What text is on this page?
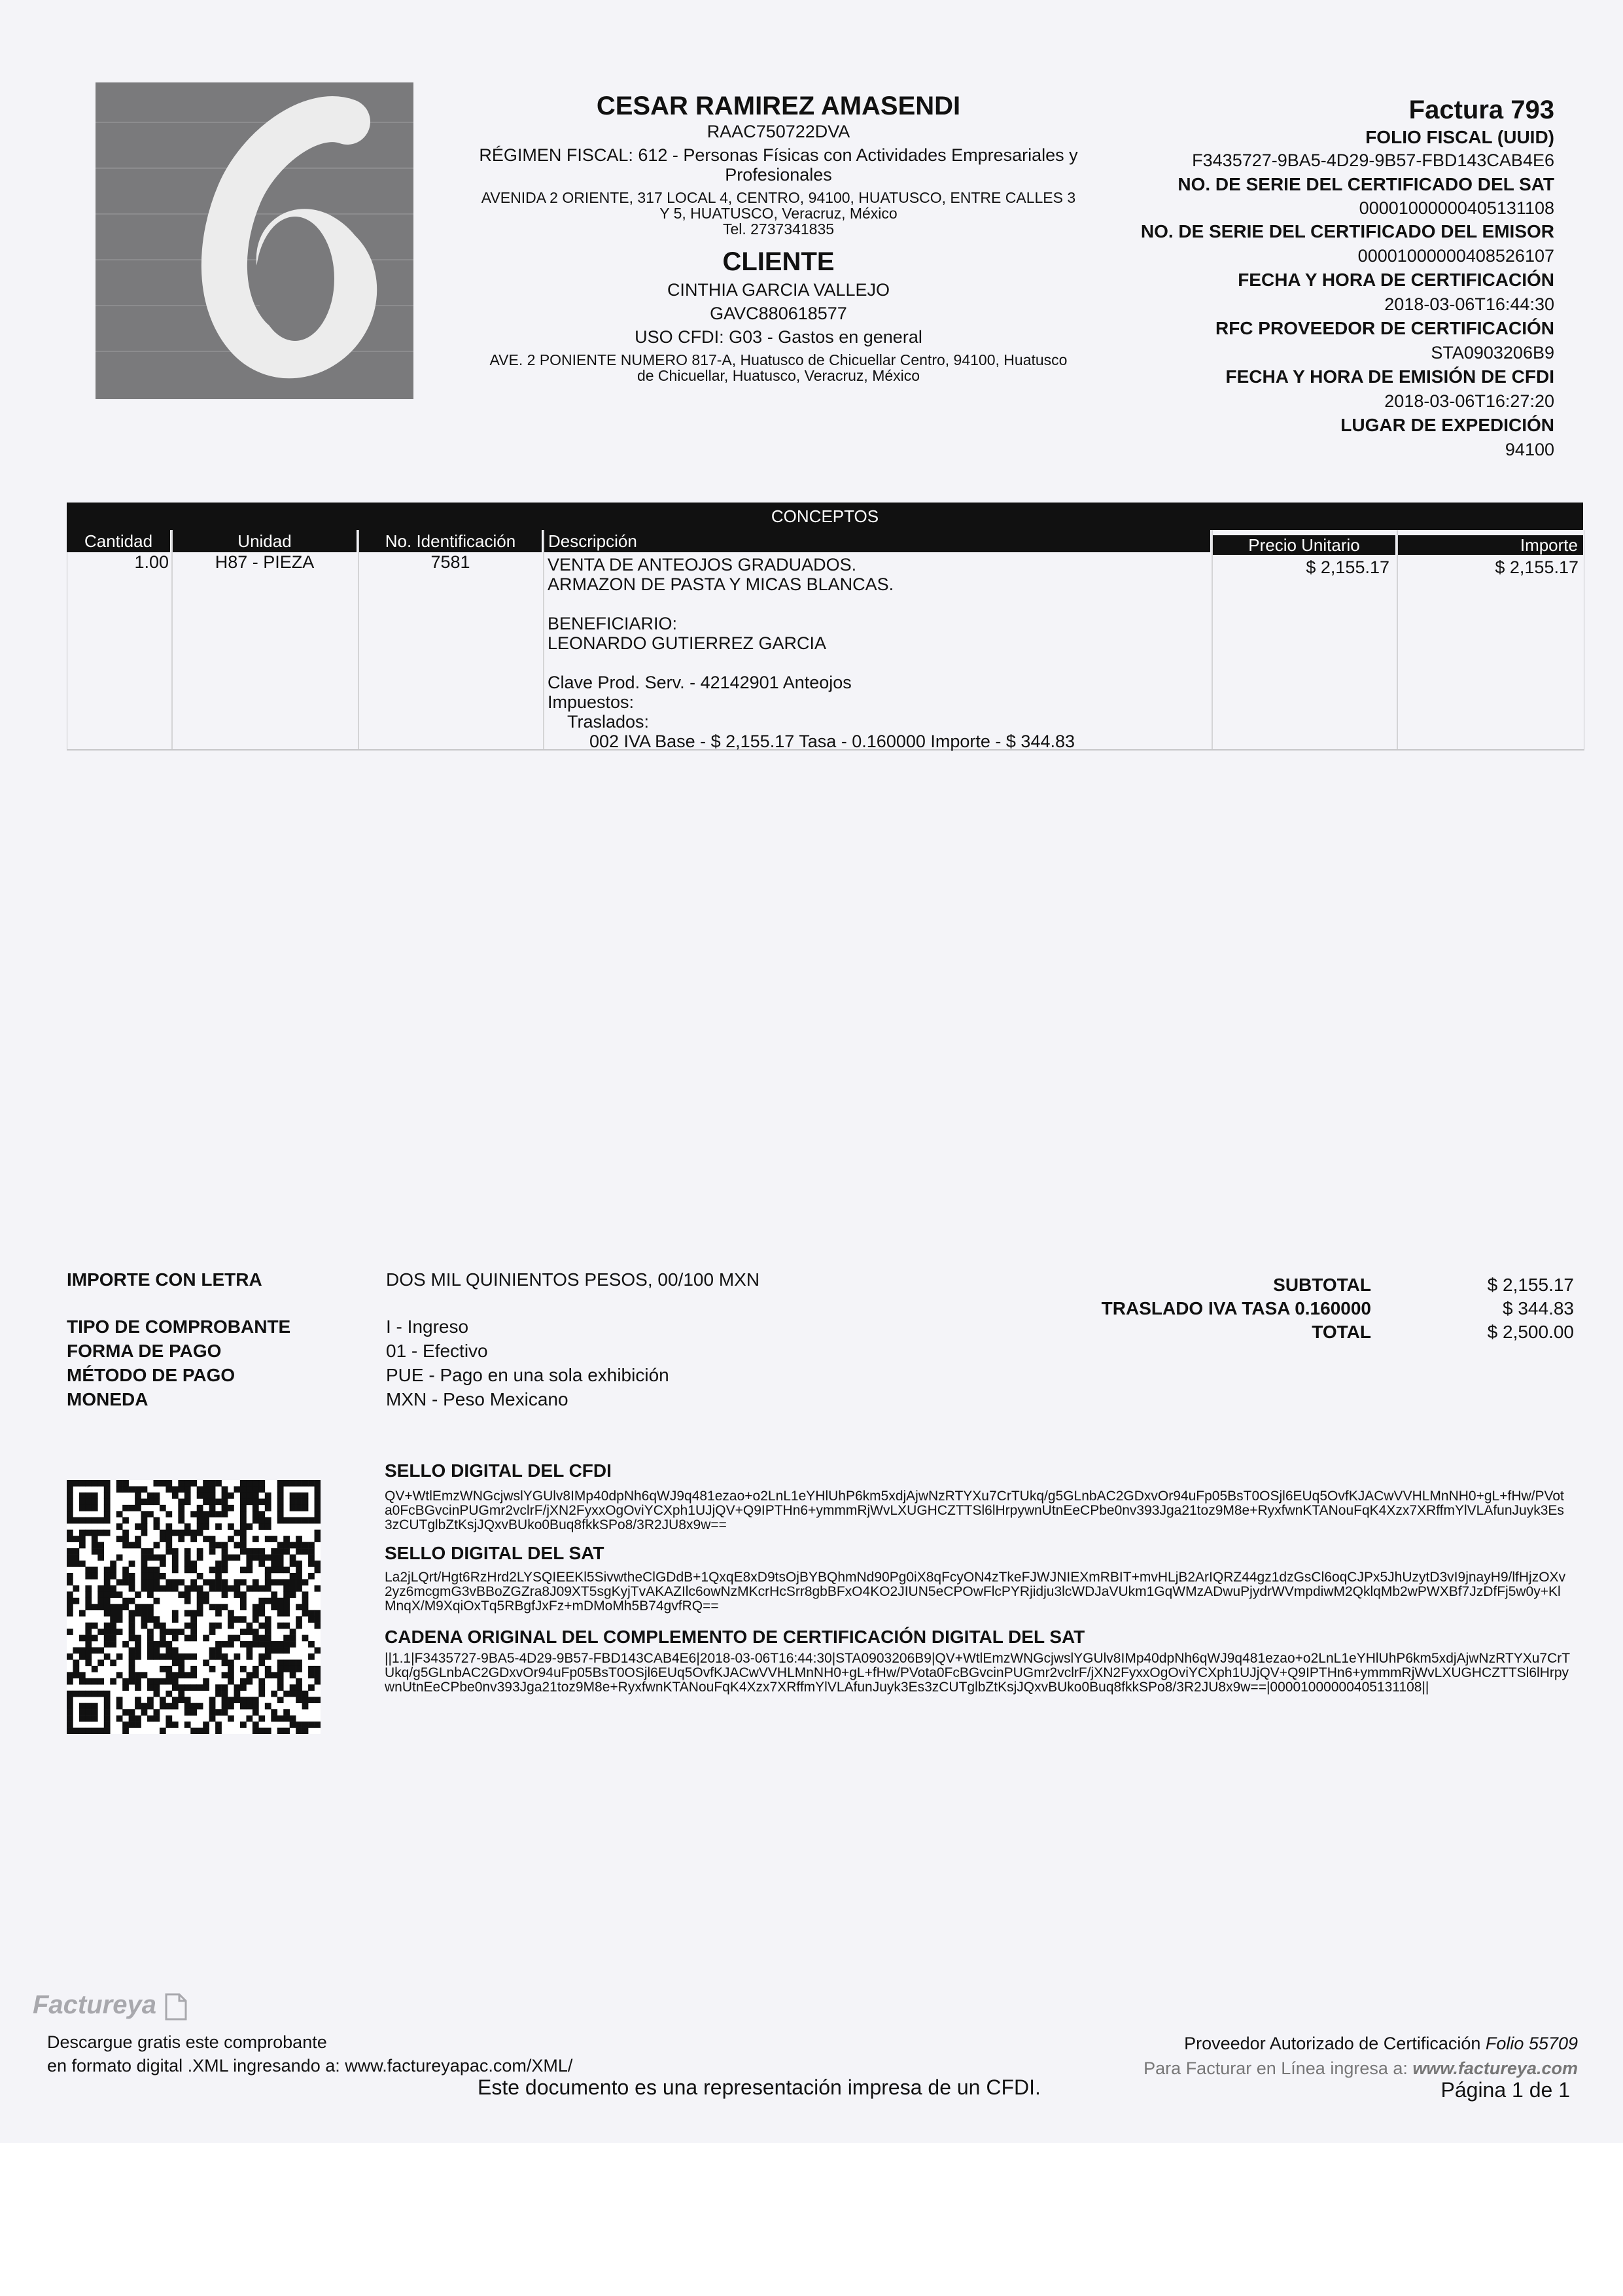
CESAR RAMIREZ AMASENDI
RAAC750722DVA
RÉGIMEN FISCAL: 612 - Personas Físicas con Actividades Empresariales y
Profesionales
AVENIDA 2 ORIENTE, 317 LOCAL 4, CENTRO, 94100, HUATUSCO, ENTRE CALLES 3
Y 5, HUATUSCO, Veracruz, México
Tel. 2737341835
CLIENTE
CINTHIA GARCIA VALLEJO
GAVC880618577
USO CFDI: G03 - Gastos en general
AVE. 2 PONIENTE NUMERO 817-A, Huatusco de Chicuellar Centro, 94100, Huatusco
de Chicuellar, Huatusco, Veracruz, México
Factura 793
FOLIO FISCAL (UUID)
F3435727-9BA5-4D29-9B57-FBD143CAB4E6
NO. DE SERIE DEL CERTIFICADO DEL SAT
00001000000405131108
NO. DE SERIE DEL CERTIFICADO DEL EMISOR
00001000000408526107
FECHA Y HORA DE CERTIFICACIÓN
2018-03-06T16:44:30
RFC PROVEEDOR DE CERTIFICACIÓN
STA0903206B9
FECHA Y HORA DE EMISIÓN DE CFDI
2018-03-06T16:27:20
LUGAR DE EXPEDICIÓN
94100
CONCEPTOS
Cantidad	Unidad	No. Identificación	Descripción	Precio Unitario	Importe
1.00	H87 - PIEZA	7581	VENTA DE ANTEOJOS GRADUADOS.
ARMAZON DE PASTA Y MICAS BLANCAS.
BENEFICIARIO:
LEONARDO GUTIERREZ GARCIA
Clave Prod. Serv. - 42142901 Anteojos
Impuestos:
Traslados:
002 IVA Base - $ 2,155.17 Tasa - 0.160000 Importe - $ 344.83
$ 2,155.17	$ 2,155.17
IMPORTE CON LETRA	DOS MIL QUINIENTOS PESOS, 00/100 MXN
TIPO DE COMPROBANTE	I - Ingreso
FORMA DE PAGO	01 - Efectivo
MÉTODO DE PAGO	PUE - Pago en una sola exhibición
MONEDA	MXN - Peso Mexicano
SUBTOTAL	$ 2,155.17
TRASLADO IVA TASA 0.160000	$ 344.83
TOTAL	$ 2,500.00
SELLO DIGITAL DEL CFDI
QV+WtlEmzWNGcjwslYGUlv8IMp40dpNh6qWJ9q481ezao+o2LnL1eYHlUhP6km5xdjAjwNzRTYXu7CrTUkq/g5GLnbAC2GDxvOr94uFp05BsT0OSjl6EUq5OvfKJACwVVHLMnNH0+gL+fHw/PVota0FcBGvcinPUGmr2vclrF/jXN2FyxxOgOviYCXph1UJjQV+Q9IPTHn6+ymmmRjWvLXUGHCZTTSl6lHrpywnUtnEeCPbe0nv393Jga21toz9M8e+RyxfwnKTANouFqK4Xzx7XRffmYlVLAfunJuyk3Es3zCUTglbZtKsjJQxvBUko0Buq8fkkSPo8/3R2JU8x9w==
SELLO DIGITAL DEL SAT
La2jLQrt/Hgt6RzHrd2LYSQIEEKl5SivwtheClGDdB+1QxqE8xD9tsOjBYBQhmNd90Pg0iX8qFcyON4zTkeFJWJNIEXmRBIT+mvHLjB2ArIQRZ44gz1dzGsCl6oqCJPx5JhUzytD3vI9jnayH9/lfHjzOXv2yz6mcgmG3vBBoZGZra8J09XT5sgKyjTvAKAZIlc6owNzMKcrHcSrr8gbBFxO4KO2JIUN5eCPOwFlcPYRjidju3lcWDJaVUkm1GqWMzADwuPjydrWVmpdiwM2QklqMb2wPWXBf7JzDfFj5w0y+KlMnqX/M9XqiOxTq5RBgfJxFz+mDMoMh5B74gvfRQ==
CADENA ORIGINAL DEL COMPLEMENTO DE CERTIFICACIÓN DIGITAL DEL SAT
||1.1|F3435727-9BA5-4D29-9B57-FBD143CAB4E6|2018-03-06T16:44:30|STA0903206B9|QV+WtlEmzWNGcjwslYGUlv8IMp40dpNh6qWJ9q481ezao+o2LnL1eYHlUhP6km5xdjAjwNzRTYXu7CrTUkq/g5GLnbAC2GDxvOr94uFp05BsT0OSjl6EUq5OvfKJACwVVHLMnNH0+gL+fHw/PVota0FcBGvcinPUGmr2vclrF/jXN2FyxxOgOviYCXph1UJjQV+Q9IPTHn6+ymmmRjWvLXUGHCZTTSl6lHrpywnUtnEeCPbe0nv393Jga21toz9M8e+RyxfwnKTANouFqK4Xzx7XRffmYlVLAfunJuyk3Es3zCUTglbZtKsjJQxvBUko0Buq8fkkSPo8/3R2JU8x9w==|00001000000405131108||
Factureya
Descargue gratis este comprobante
en formato digital .XML ingresando a: www.factureyapac.com/XML/
Este documento es una representación impresa de un CFDI.
Proveedor Autorizado de Certificación Folio 55709
Para Facturar en Línea ingresa a: www.factureya.com
Página 1 de 1
